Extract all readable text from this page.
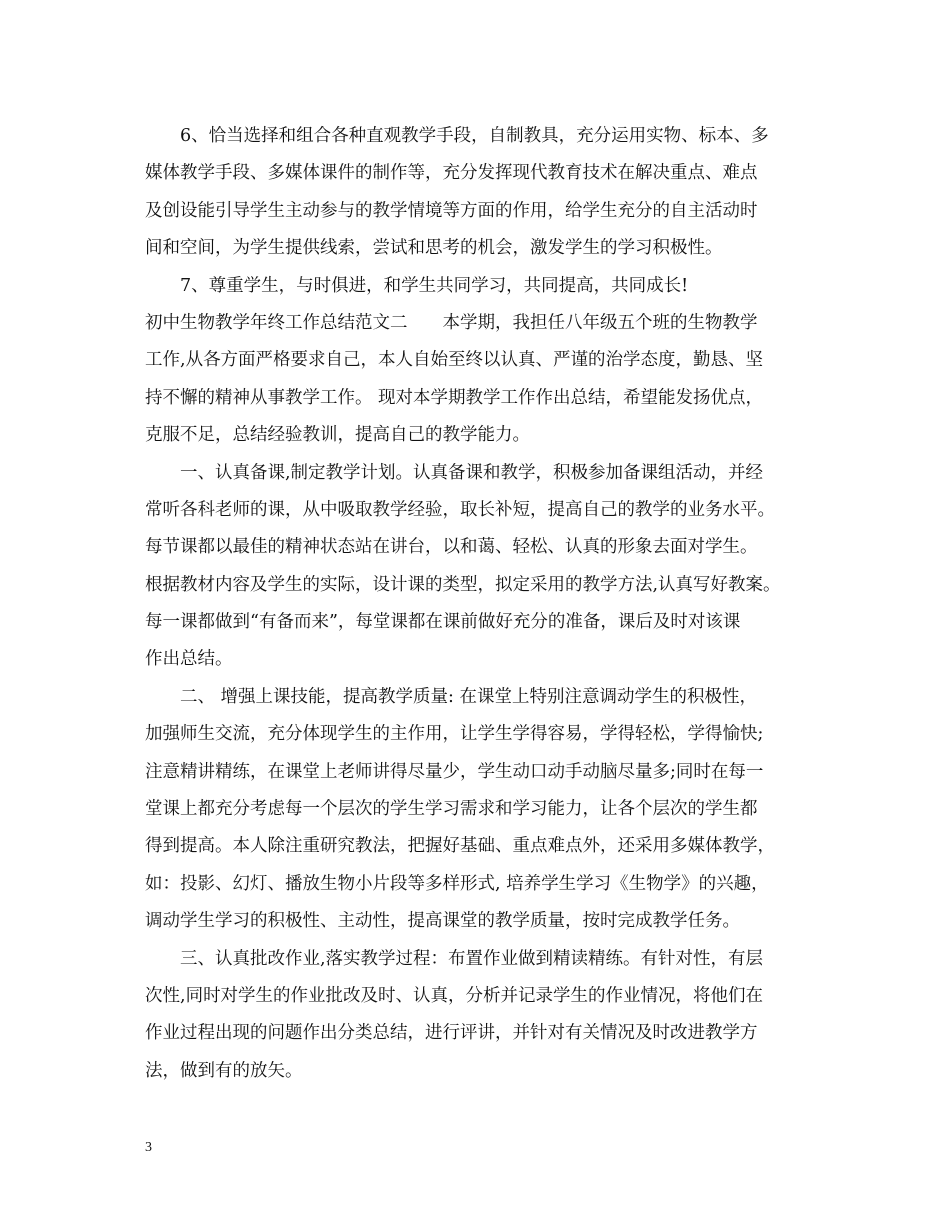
　　6、恰当选择和组合各种直观教学手段，自制教具，充分运用实物、标本、多
媒体教学手段、多媒体课件的制作等，充分发挥现代教育技术在解决重点、难点
及创设能引导学生主动参与的教学情境等方面的作用，给学生充分的自主活动时
间和空间，为学生提供线索，尝试和思考的机会，激发学生的学习积极性。
　　7、尊重学生，与时俱进，和学生共同学习，共同提高，共同成长!
初中生物教学年终工作总结范文二　　本学期，我担任八年级五个班的生物教学
工作,从各方面严格要求自己，本人自始至终以认真、严谨的治学态度，勤恳、坚
持不懈的精神从事教学工作。 现对本学期教学工作作出总结，希望能发扬优点，
克服不足，总结经验教训，提高自己的教学能力。
　　一、认真备课,制定教学计划。认真备课和教学，积极参加备课组活动，并经
常听各科老师的课，从中吸取教学经验，取长补短，提高自己的教学的业务水平。
每节课都以最佳的精神状态站在讲台，以和蔼、轻松、认真的形象去面对学生。
根据教材内容及学生的实际，设计课的类型，拟定采用的教学方法,认真写好教案。
每一课都做到“有备而来”，每堂课都在课前做好充分的准备，课后及时对该课
作出总结。
　　二、 增强上课技能，提高教学质量: 在课堂上特别注意调动学生的积极性，
加强师生交流，充分体现学生的主作用，让学生学得容易，学得轻松，学得愉快;
注意精讲精练，在课堂上老师讲得尽量少，学生动口动手动脑尽量多;同时在每一
堂课上都充分考虑每一个层次的学生学习需求和学习能力，让各个层次的学生都
得到提高。本人除注重研究教法，把握好基础、重点难点外，还采用多媒体教学，
如：投影、幻灯、播放生物小片段等多样形式, 培养学生学习《生物学》的兴趣，
调动学生学习的积极性、主动性，提高课堂的教学质量，按时完成教学任务。
　　三、认真批改作业,落实教学过程：布置作业做到精读精练。有针对性，有层
次性,同时对学生的作业批改及时、认真，分析并记录学生的作业情况，将他们在
作业过程出现的问题作出分类总结，进行评讲，并针对有关情况及时改进教学方
法，做到有的放矢。
3
